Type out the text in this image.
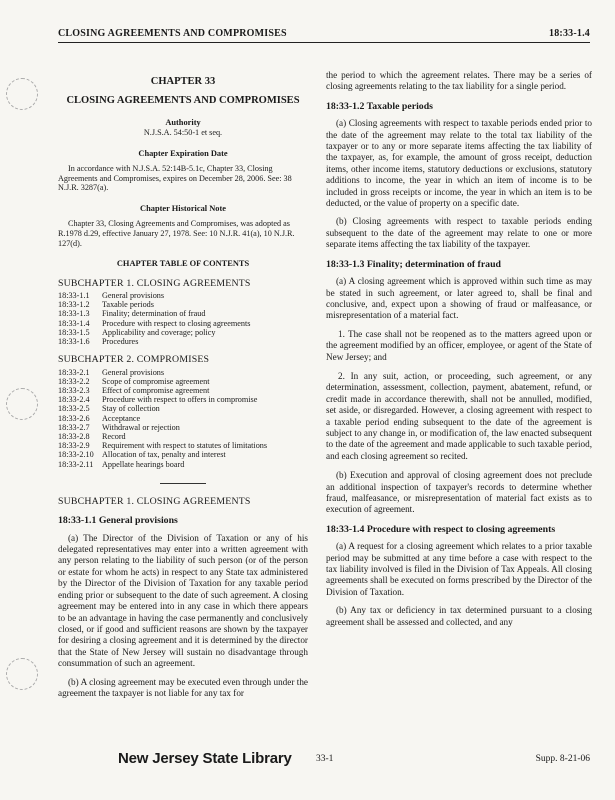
CLOSING AGREEMENTS AND COMPROMISES	18:33-1.4
CHAPTER 33
CLOSING AGREEMENTS AND COMPROMISES
Authority
N.J.S.A. 54:50-1 et seq.
Chapter Expiration Date
In accordance with N.J.S.A. 52:14B-5.1c, Chapter 33, Closing Agreements and Compromises, expires on December 28, 2006. See: 38 N.J.R. 3287(a).
Chapter Historical Note
Chapter 33, Closing Agreements and Compromises, was adopted as R.1978 d.29, effective January 27, 1978. See: 10 N.J.R. 41(a), 10 N.J.R. 127(d).
CHAPTER TABLE OF CONTENTS
SUBCHAPTER 1. CLOSING AGREEMENTS
18:33-1.1	General provisions
18:33-1.2	Taxable periods
18:33-1.3	Finality; determination of fraud
18:33-1.4	Procedure with respect to closing agreements
18:33-1.5	Applicability and coverage; policy
18:33-1.6	Procedures
SUBCHAPTER 2. COMPROMISES
18:33-2.1	General provisions
18:33-2.2	Scope of compromise agreement
18:33-2.3	Effect of compromise agreement
18:33-2.4	Procedure with respect to offers in compromise
18:33-2.5	Stay of collection
18:33-2.6	Acceptance
18:33-2.7	Withdrawal or rejection
18:33-2.8	Record
18:33-2.9	Requirement with respect to statutes of limitations
18:33-2.10	Allocation of tax, penalty and interest
18:33-2.11	Appellate hearings board
SUBCHAPTER 1. CLOSING AGREEMENTS
18:33-1.1 General provisions

(a) The Director of the Division of Taxation or any of his delegated representatives may enter into a written agreement with any person relating to the liability of such person (or of the person or estate for whom he acts) in respect to any State tax administered by the Director of the Division of Taxation for any taxable period ending prior or subsequent to the date of such agreement. A closing agreement may be entered into in any case in which there appears to be an advantage in having the case permanently and conclusively closed, or if good and sufficient reasons are shown by the taxpayer for desiring a closing agreement and it is determined by the director that the State of New Jersey will sustain no disadvantage through consummation of such an agreement.

(b) A closing agreement may be executed even through under the agreement the taxpayer is not liable for any tax for

the period to which the agreement relates. There may be a series of closing agreements relating to the tax liability for a single period.

18:33-1.2 Taxable periods

(a) Closing agreements with respect to taxable periods ended prior to the date of the agreement may relate to the total tax liability of the taxpayer or to any or more separate items affecting the tax liability of the taxpayer, as, for example, the amount of gross receipt, deduction items, other income items, statutory deductions or exclusions, statutory additions to income, the year in which an item of income is to be included in gross receipts or income, the year in which an item is to be deducted, or the value of property on a specific date.

(b) Closing agreements with respect to taxable periods ending subsequent to the date of the agreement may relate to one or more separate items affecting the tax liability of the taxpayer.

18:33-1.3 Finality; determination of fraud

(a) A closing agreement which is approved within such time as may be stated in such agreement, or later agreed to, shall be final and conclusive, and, expect upon a showing of fraud or malfeasance, or misrepresentation of a material fact.

1. The case shall not be reopened as to the matters agreed upon or the agreement modified by an officer, employee, or agent of the State of New Jersey; and

2. In any suit, action, or proceeding, such agreement, or any determination, assessment, collection, payment, abatement, refund, or credit made in accordance therewith, shall not be annulled, modified, set aside, or disregarded. However, a closing agreement with respect to a taxable period ending subsequent to the date of the agreement is subject to any change in, or modification of, the law enacted subsequent to the date of the agreement and made applicable to such taxable period, and each closing agreement so recited.

(b) Execution and approval of closing agreement does not preclude an additional inspection of taxpayer's records to determine whether fraud, malfeasance, or misrepresentation of material fact exists as to execution of agreement.

18:33-1.4 Procedure with respect to closing agreements

(a) A request for a closing agreement which relates to a prior taxable period may be submitted at any time before a case with respect to the tax liability involved is filed in the Division of Tax Appeals. All closing agreements shall be executed on forms prescribed by the Director of the Division of Taxation.

(b) Any tax or deficiency in tax determined pursuant to a closing agreement shall be assessed and collected, and any

New Jersey State Library	33-1	Supp. 8-21-06
